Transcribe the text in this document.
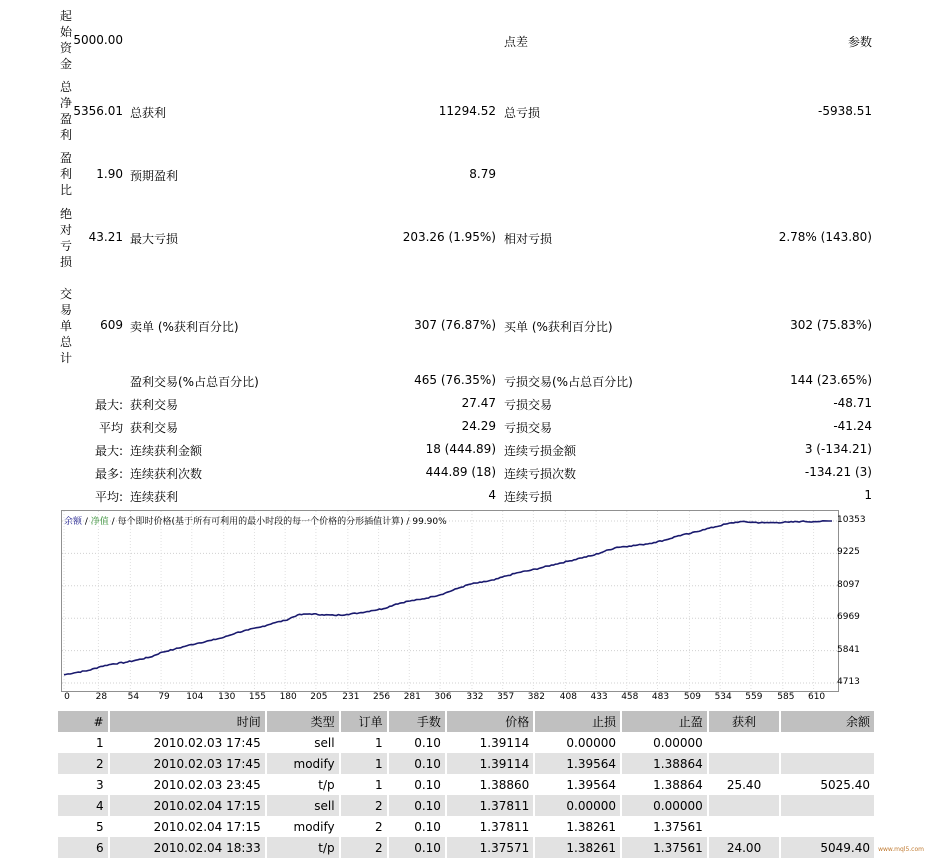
起始资金
5000.00	点差	参数
总净盈利
5356.01 总获利	11294.52 总亏损	-5938.51
盈利比
1.90 预期盈利	8.79
绝对亏损
43.21 最大亏损	203.26 (1.95%) 相对亏损	2.78% (143.80)
交易单总计
609 卖单 (%获利百分比)	307 (76.87%) 买单 (%获利百分比)	302 (75.83%)
盈利交易(%占总百分比)	465 (76.35%) 亏损交易(%占总百分比)	144 (23.65%)
最大: 获利交易	27.47 亏损交易	-48.71
平均 获利交易	24.29 亏损交易	-41.24
最大: 连续获利金额	18 (444.89) 连续亏损金额	3 (-134.21)
最多: 连续获利次数	444.89 (18) 连续亏损次数	-134.21 (3)
平均: 连续获利	4 连续亏损	1
余额 / 净值 / 每个即时价格(基于所有可利用的最小时段的每一个价格的分形插值计算) / 99.90%	10353
9225
8097
6969
5841
4713
0	28	54	79	104	130	155	180	205	231	256	281	306	332	357	382	408	433	458	483	509	534	559	585	610
#	时间	类型	订单	手数	价格	止损	止盈	获利	余额
1	2010.02.03 17:45	sell	1	0.10	1.39114	0.00000	0.00000		
2	2010.02.03 17:45	modify	1	0.10	1.39114	1.39564	1.38864		
3	2010.02.03 23:45	t/p	1	0.10	1.38860	1.39564	1.38864	25.40	5025.40
4	2010.02.04 17:15	sell	2	0.10	1.37811	0.00000	0.00000		
5	2010.02.04 17:15	modify	2	0.10	1.37811	1.38261	1.37561		
6	2010.02.04 18:33	t/p	2	0.10	1.37571	1.38261	1.37561	24.00	5049.40 www.mql5.com
